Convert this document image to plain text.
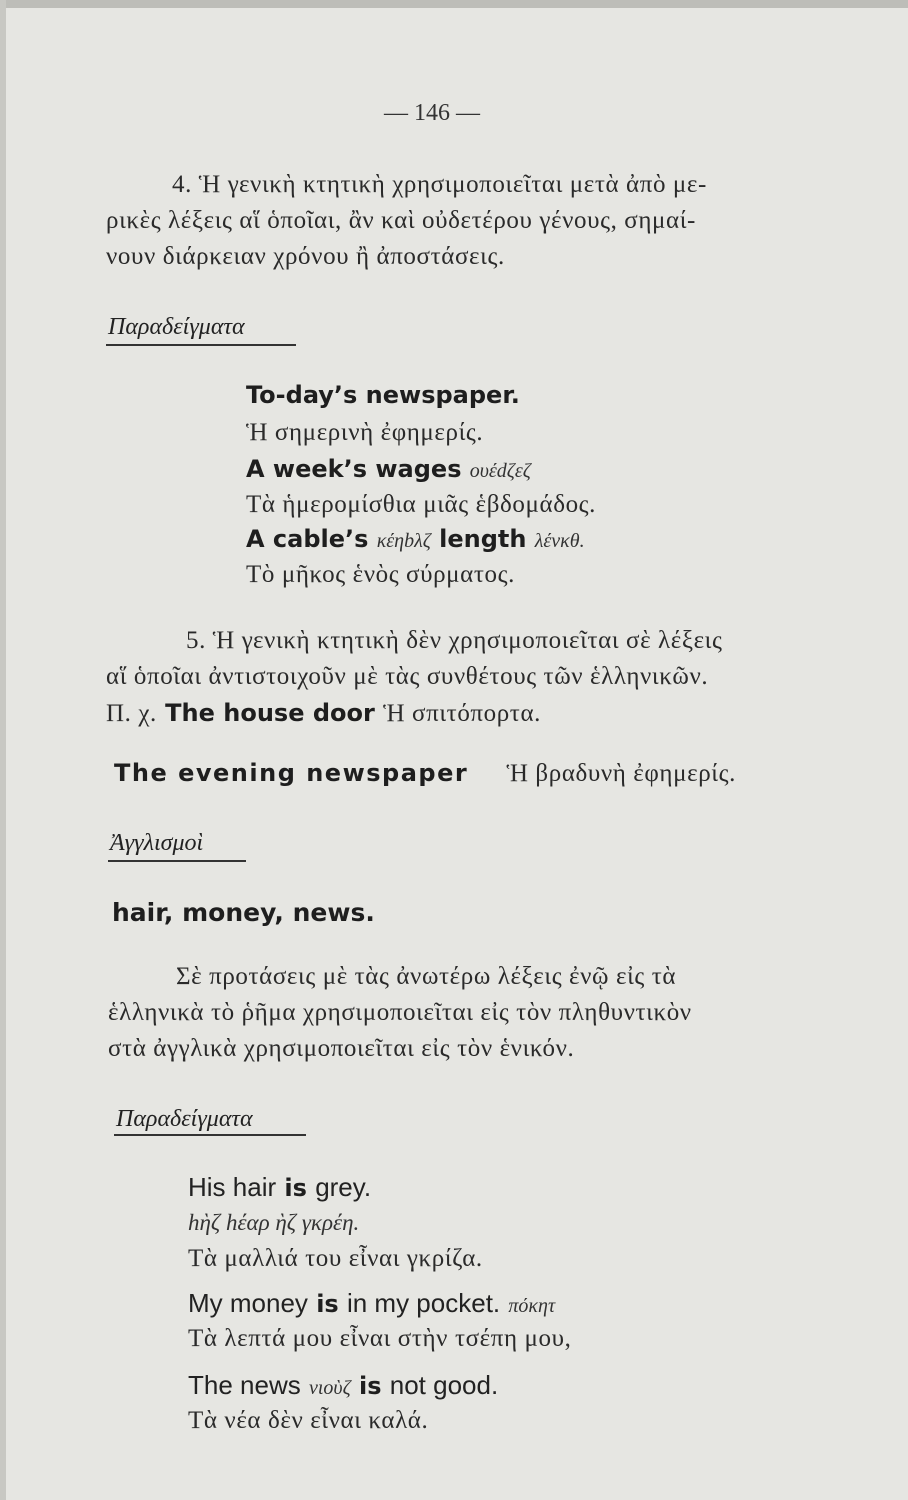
— 146 —
4. Ἡ γενικὴ κτητικὴ χρησιμοποιεῖται μετὰ ἀπὸ με-
ρικὲς λέξεις αἵ ὁποῖαι, ἂν καὶ οὐδετέρου γένους, σημαί-
νουν διάρκειαν χρόνου ἢ ἀποστάσεις.
Παραδείγματα
To-day’s newspaper.
Ἡ σημερινὴ ἐφημερίς.
A week’s wages ουέdζεζ
Τὰ ἡμερομίσθια μιᾶς ἑβδομάδος.
A cable’s κέηbλζ length λένκθ.
Τὸ μῆκος ἑνὸς σύρματος.
5. Ἡ γενικὴ κτητικὴ δὲν χρησιμοποιεῖται σὲ λέξεις
αἵ ὁποῖαι ἀντιστοιχοῦν μὲ τὰς συνθέτους τῶν ἑλληνικῶν.
Π. χ. The house door Ἡ σπιτόπορτα.
The evening newspaper Ἡ βραδυνὴ ἐφημερίς.
Ἀγγλισμοὶ
hair, money, news.
Σὲ προτάσεις μὲ τὰς ἀνωτέρω λέξεις ἐνῷ εἰς τὰ
ἑλληνικὰ τὸ ῥῆμα χρησιμοποιεῖται εἰς τὸν πληθυντικὸν
στὰ ἀγγλικὰ χρησιμοποιεῖται εἰς τὸν ἑνικόν.
Παραδείγματα
His hair is grey.
hὴζ hέαρ ὴζ γκρέη.
Τὰ μαλλιά του εἶναι γκρίζα.
My money is in my pocket. πόκητ
Τὰ λεπτά μου εἶναι στὴν τσέπη μου,
The news νιοὺζ is not good.
Τὰ νέα δὲν εἶναι καλά.
